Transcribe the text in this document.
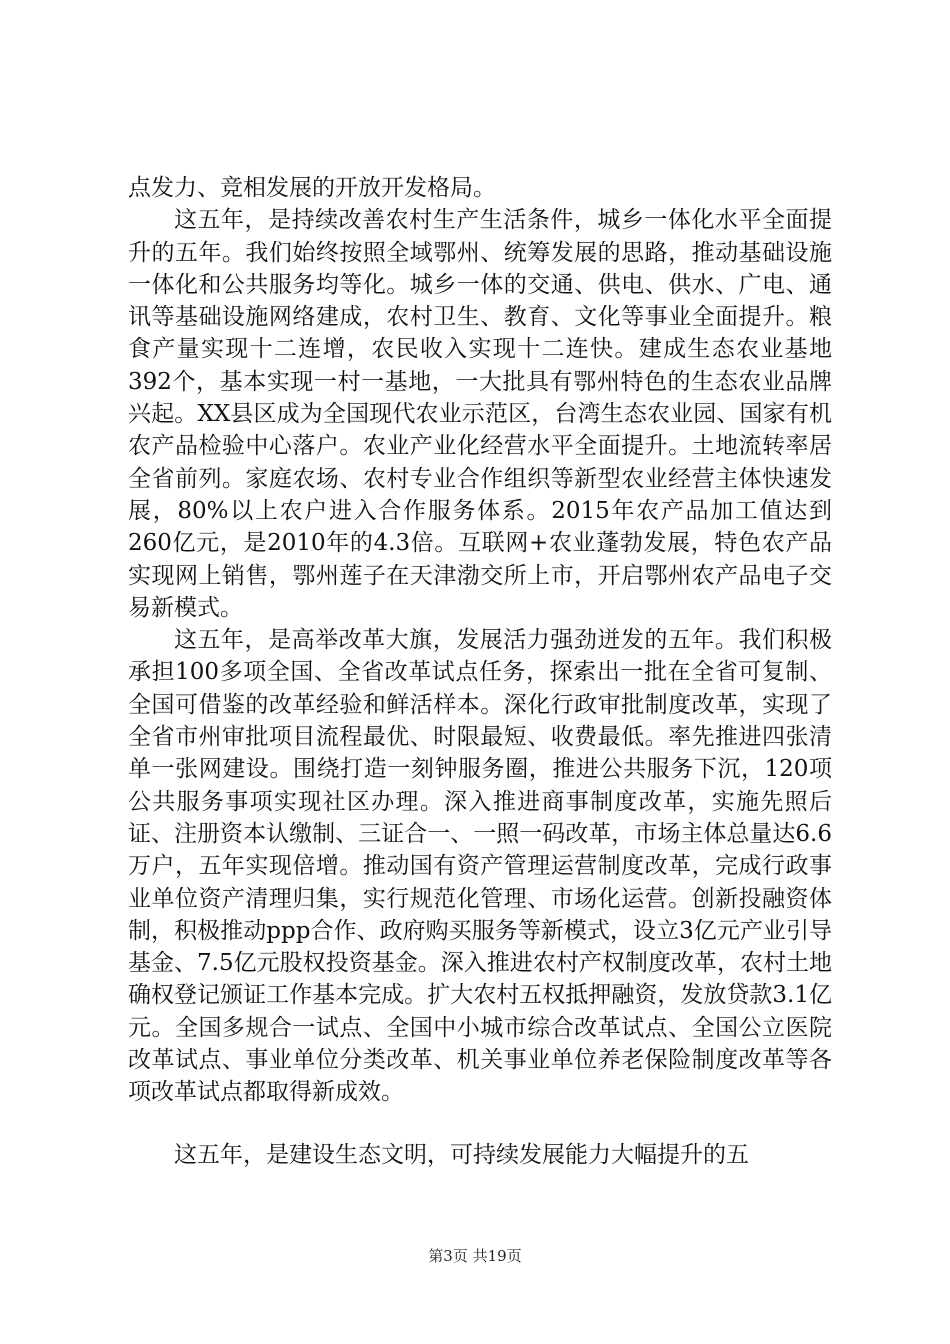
点发力、竞相发展的开放开发格局。

这五年，是持续改善农村生产生活条件，城乡一体化水平全面提升的五年。我们始终按照全域鄂州、统筹发展的思路，推动基础设施一体化和公共服务均等化。城乡一体的交通、供电、供水、广电、通讯等基础设施网络建成，农村卫生、教育、文化等事业全面提升。粮食产量实现十二连增，农民收入实现十二连快。建成生态农业基地392个，基本实现一村一基地，一大批具有鄂州特色的生态农业品牌兴起。XX县区成为全国现代农业示范区，台湾生态农业园、国家有机农产品检验中心落户。农业产业化经营水平全面提升。土地流转率居全省前列。家庭农场、农村专业合作组织等新型农业经营主体快速发展，80%以上农户进入合作服务体系。2015年农产品加工值达到260亿元，是2010年的4.3倍。互联网+农业蓬勃发展，特色农产品实现网上销售，鄂州莲子在天津渤交所上市，开启鄂州农产品电子交易新模式。

这五年，是高举改革大旗，发展活力强劲迸发的五年。我们积极承担100多项全国、全省改革试点任务，探索出一批在全省可复制、全国可借鉴的改革经验和鲜活样本。深化行政审批制度改革，实现了全省市州审批项目流程最优、时限最短、收费最低。率先推进四张清单一张网建设。围绕打造一刻钟服务圈，推进公共服务下沉，120项公共服务事项实现社区办理。深入推进商事制度改革，实施先照后证、注册资本认缴制、三证合一、一照一码改革，市场主体总量达6.6万户，五年实现倍增。推动国有资产管理运营制度改革，完成行政事业单位资产清理归集，实行规范化管理、市场化运营。创新投融资体制，积极推动ppp合作、政府购买服务等新模式，设立3亿元产业引导基金、7.5亿元股权投资基金。深入推进农村产权制度改革，农村土地确权登记颁证工作基本完成。扩大农村五权抵押融资，发放贷款3.1亿元。全国多规合一试点、全国中小城市综合改革试点、全国公立医院改革试点、事业单位分类改革、机关事业单位养老保险制度改革等各项改革试点都取得新成效。

这五年，是建设生态文明，可持续发展能力大幅提升的五

第3页 共19页
